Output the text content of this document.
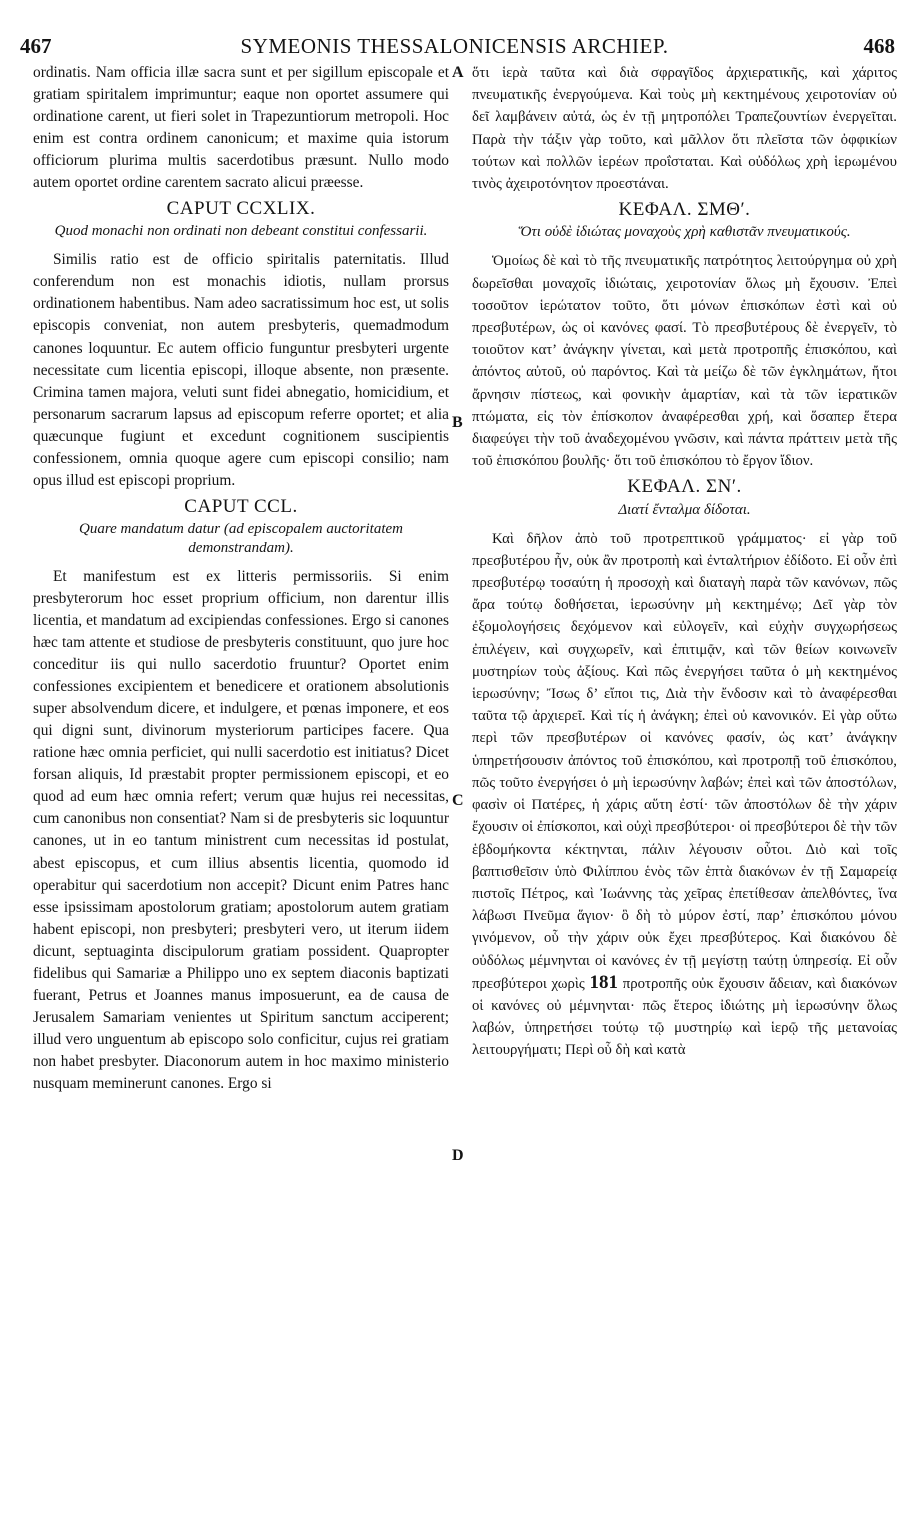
467	SYMEONIS THESSALONICENSIS ARCHIEP.	468
A
B
C
D

ordinatis. Nam officia illæ sacra sunt et per sigillum episcopale et gratiam spiritalem imprimuntur; eaque non oportet assumere qui ordinatione carent, ut fieri solet in Trapezuntiorum metropoli. Hoc enim est contra ordinem canonicum; et maxime quia istorum officiorum plurima multis sacerdotibus præsunt. Nullo modo autem oportet ordine carentem sacrato alicui præesse.

CAPUT CCXLIX.
Quod monachi non ordinati non debeant constitui confessarii.

Similis ratio est de officio spiritalis paternitatis. Illud conferendum non est monachis idiotis, nullam prorsus ordinationem habentibus. Nam adeo sacratissimum hoc est, ut solis episcopis conveniat, non autem presbyteris, quemadmodum canones loquuntur. Ec autem officio funguntur presbyteri urgente necessitate cum licentia episcopi, illoque absente, non præsente. Crimina tamen majora, veluti sunt fidei abnegatio, homicidium, et personarum sacrarum lapsus ad episcopum referre oportet; et alia quæcunque fugiunt et excedunt cognitionem suscipientis confessionem, omnia quoque agere cum episcopi consilio; nam opus illud est episcopi proprium.

CAPUT CCL.
Quare mandatum datur (ad episcopalem auctoritatem demonstrandam).

Et manifestum est ex litteris permissoriis. Si enim presbyterorum hoc esset proprium officium, non darentur illis licentia, et mandatum ad excipiendas confessiones. Ergo si canones hæc tam attente et studiose de presbyteris constituunt, quo jure hoc conceditur iis qui nullo sacerdotio fruuntur? Oportet enim confessiones excipientem et benedicere et orationem absolutionis super absolvendum dicere, et indulgere, et pœnas imponere, et eos qui digni sunt, divinorum mysteriorum participes facere. Qua ratione hæc omnia perficiet, qui nulli sacerdotio est initiatus? Dicet forsan aliquis, Id præstabit propter permissionem episcopi, et eo quod ad eum hæc omnia refert; verum quæ hujus rei necessitas, cum canonibus non consentiat? Nam si de presbyteris sic loquuntur canones, ut in eo tantum ministrent cum necessitas id postulat, abest episcopus, et cum illius absentis licentia, quomodo id operabitur qui sacerdotium non accepit? Dicunt enim Patres hanc esse ipsissimam apostolorum gratiam; apostolorum autem gratiam habent episcopi, non presbyteri; presbyteri vero, ut iterum iidem dicunt, septuaginta discipulorum gratiam possident. Quapropter fidelibus qui Samariæ a Philippo uno ex septem diaconis baptizati fuerant, Petrus et Joannes manus imposuerunt, ea de causa de Jerusalem Samariam venientes ut Spiritum sanctum acciperent; illud vero unguentum ab episcopo solo conficitur, cujus rei gratiam non habet presbyter. Diaconorum autem in hoc maximo ministerio nusquam meminerunt canones. Ergo si

ὅτι ἱερὰ ταῦτα καὶ διὰ σφραγῖδος ἀρχιερατικῆς, καὶ χάριτος πνευματικῆς ἐνεργούμενα. Καὶ τοὺς μὴ κεκτημένους χειροτονίαν οὐ δεῖ λαμβάνειν αὐτά, ὡς ἐν τῇ μητροπόλει Τραπεζουντίων ἐνεργεῖται. Παρὰ τὴν τάξιν γὰρ τοῦτο, καὶ μᾶλλον ὅτι πλεῖστα τῶν ὀφφικίων τούτων καὶ πολλῶν ἱερέων προΐσταται. Καὶ οὐδόλως χρὴ ἱερωμένου τινὸς ἀχειροτόνητον προεστάναι.

ΚΕΦΑΛ. ΣΜΘʹ.
Ὅτι οὐδὲ ἰδιώτας μοναχοὺς χρὴ καθιστᾶν πνευματικούς.

Ὁμοίως δὲ καὶ τὸ τῆς πνευματικῆς πατρότητος λειτούργημα οὐ χρὴ δωρεῖσθαι μοναχοῖς ἰδιώταις, χειροτονίαν ὅλως μὴ ἔχουσιν. Ἐπεὶ τοσοῦτον ἱερώτατον τοῦτο, ὅτι μόνων ἐπισκόπων ἐστὶ καὶ οὐ πρεσβυτέρων, ὡς οἱ κανόνες φασί. Τὸ πρεσβυτέρους δὲ ἐνεργεῖν, τὸ τοιοῦτον κατ’ ἀνάγκην γίνεται, καὶ μετὰ προτροπῆς ἐπισκόπου, καὶ ἀπόντος αὐτοῦ, οὐ παρόντος. Καὶ τὰ μείζω δὲ τῶν ἐγκλημάτων, ἤτοι ἄρνησιν πίστεως, καὶ φονικὴν ἁμαρτίαν, καὶ τὰ τῶν ἱερατικῶν πτώματα, εἰς τὸν ἐπίσκοπον ἀναφέρεσθαι χρή, καὶ ὅσαπερ ἕτερα διαφεύγει τὴν τοῦ ἀναδεχομένου γνῶσιν, καὶ πάντα πράττειν μετὰ τῆς τοῦ ἐπισκόπου βουλῆς· ὅτι τοῦ ἐπισκόπου τὸ ἔργον ἴδιον.

ΚΕΦΑΛ. ΣΝʹ.
Διατί ἔνταλμα δίδοται.

Καὶ δῆλον ἀπὸ τοῦ προτρεπτικοῦ γράμματος· εἰ γὰρ τοῦ πρεσβυτέρου ἦν, οὐκ ἂν προτροπὴ καὶ ἐνταλτήριον ἐδίδοτο. Εἰ οὖν ἐπὶ πρεσβυτέρῳ τοσαύτη ἡ προσοχὴ καὶ διαταγὴ παρὰ τῶν κανόνων, πῶς ἄρα τούτῳ δοθήσεται, ἱερωσύνην μὴ κεκτημένῳ; Δεῖ γὰρ τὸν ἐξομολογήσεις δεχόμενον καὶ εὐλογεῖν, καὶ εὐχὴν συγχωρήσεως ἐπιλέγειν, καὶ συγχωρεῖν, καὶ ἐπιτιμᾷν, καὶ τῶν θείων κοινωνεῖν μυστηρίων τοὺς ἀξίους. Καὶ πῶς ἐνεργήσει ταῦτα ὁ μὴ κεκτημένος ἱερωσύνην; Ἴσως δ’ εἴποι τις, Διὰ τὴν ἔνδοσιν καὶ τὸ ἀναφέρεσθαι ταῦτα τῷ ἀρχιερεῖ. Καὶ τίς ἡ ἀνάγκη; ἐπεὶ οὐ κανονικόν. Εἰ γὰρ οὕτω περὶ τῶν πρεσβυτέρων οἱ κανόνες φασίν, ὡς κατ’ ἀνάγκην ὑπηρετήσουσιν ἀπόντος τοῦ ἐπισκόπου, καὶ προτροπῇ τοῦ ἐπισκόπου, πῶς τοῦτο ἐνεργήσει ὁ μὴ ἱερωσύνην λαβών; ἐπεὶ καὶ τῶν ἀποστόλων, φασὶν οἱ Πατέρες, ἡ χάρις αὕτη ἐστί· τῶν ἀποστόλων δὲ τὴν χάριν ἔχουσιν οἱ ἐπίσκοποι, καὶ οὐχὶ πρεσβύτεροι· οἱ πρεσβύτεροι δὲ τὴν τῶν ἑβδομήκοντα κέκτηνται, πάλιν λέγουσιν οὗτοι. Διὸ καὶ τοῖς βαπτισθεῖσιν ὑπὸ Φιλίππου ἑνὸς τῶν ἑπτὰ διακόνων ἐν τῇ Σαμαρείᾳ πιστοῖς Πέτρος, καὶ Ἰωάννης τὰς χεῖρας ἐπετίθεσαν ἀπελθόντες, ἵνα λάβωσι Πνεῦμα ἅγιον· ὃ δὴ τὸ μύρον ἐστί, παρ’ ἐπισκόπου μόνου γινόμενον, οὗ τὴν χάριν οὐκ ἔχει πρεσβύτερος. Καὶ διακόνου δὲ οὐδόλως μέμνηνται οἱ κανόνες ἐν τῇ μεγίστῃ ταύτῃ ὑπηρεσίᾳ. Εἰ οὖν πρεσβύτεροι χωρὶς 181 προτροπῆς οὐκ ἔχουσιν ἄδειαν, καὶ διακόνων οἱ κανόνες οὐ μέμνηνται· πῶς ἕτερος ἰδιώτης μὴ ἱερωσύνην ὅλως λαβών, ὑπηρετήσει τούτῳ τῷ μυστηρίῳ καὶ ἱερῷ τῆς μετανοίας λειτουργήματι; Περὶ οὗ δὴ καὶ κατὰ
